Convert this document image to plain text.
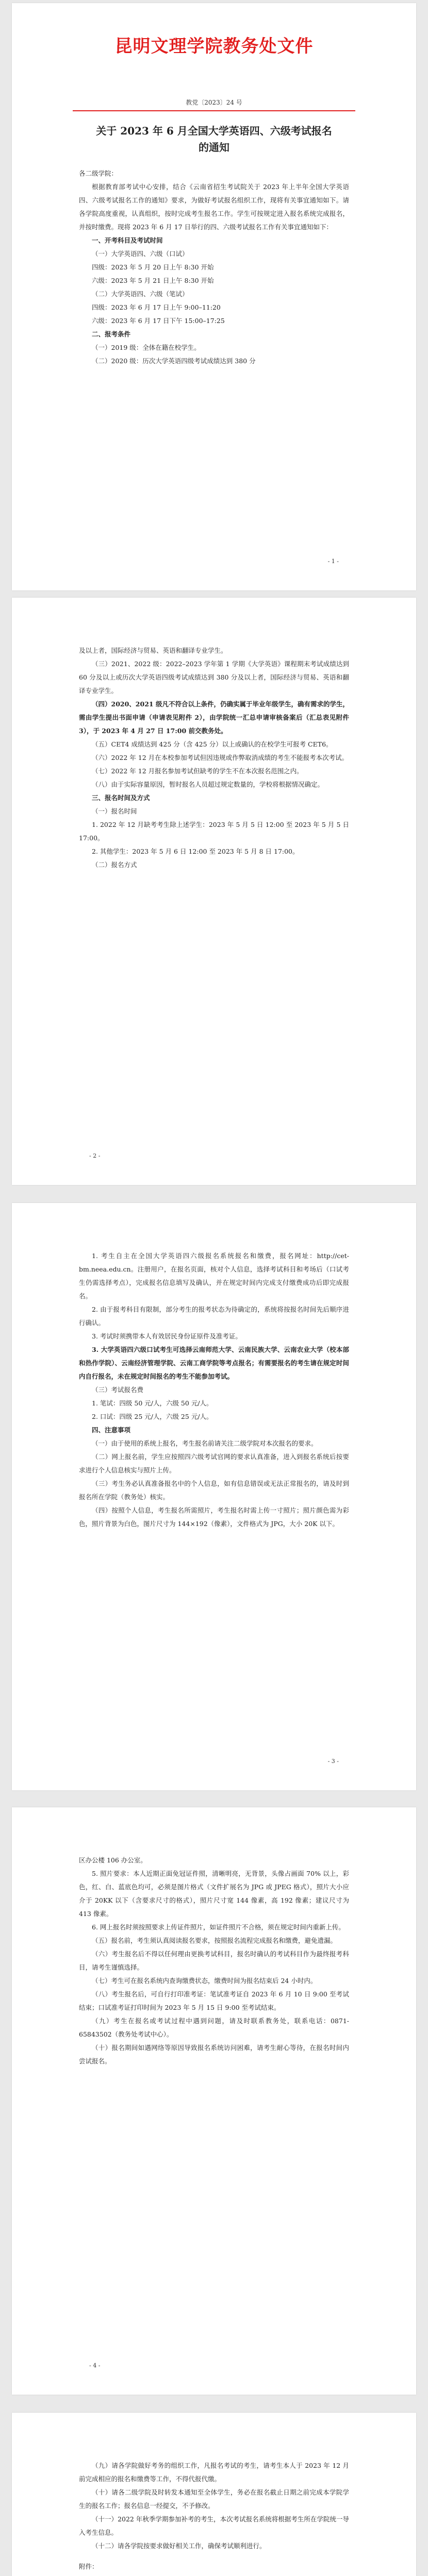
昆明文理学院教务处文件
教党〔2023〕24 号
关于 2023 年 6 月全国大学英语四、六级考试报名的通知

各二级学院：

根据教育部考试中心安排，结合《云南省招生考试院关于 2023 年上半年全国大学英语四、六级考试报名工作的通知》要求，为做好考试报名组织工作，现将有关事宜通知如下。请各学院高度重视，认真组织，按时完成考生报名工作。学生可按规定进入报名系统完成报名，并按时缴费。现将 2023 年 6 月 17 日举行的四、六级考试报名工作有关事宜通知如下：

一、开考科目及考试时间

（一）大学英语四、六级（口试）

四级：2023 年 5 月 20 日上午 8:30 开始

六级：2023 年 5 月 21 日上午 8:30 开始

（二）大学英语四、六级（笔试）

四级：2023 年 6 月 17 日上午 9:00–11:20

六级：2023 年 6 月 17 日下午 15:00–17:25

二、报考条件

（一）2019 级：全体在籍在校学生。

（二）2020 级：历次大学英语四级考试成绩达到 380 分

- 1 -

及以上者，国际经济与贸易、英语和翻译专业学生。

（三）2021、2022 级：2022–2023 学年第 1 学期《大学英语》课程期末考试成绩达到 60 分及以上或历次大学英语四级考试成绩达到 380 分及以上者，国际经济与贸易、英语和翻译专业学生。

（四）2020、2021 级凡不符合以上条件，仍确实属于毕业年级学生，确有需求的学生，需由学生提出书面申请（申请表见附件 2），由学院统一汇总申请审核备案后（汇总表见附件 3），于 2023 年 4 月 27 日 17:00 前交教务处。

（五）CET4 成绩达到 425 分（含 425 分）以上或确认的在校学生可报考 CET6。

（六）2022 年 12 月在本校参加考试但因违规或作弊取消成绩的考生不能报考本次考试。

（七）2022 年 12 月报名参加考试但缺考的学生不在本次报名范围之内。

（八）由于实际容量原因，暂时报名人员超过规定数量的，学校将根据情况确定。

三、报名时间及方式

（一）报名时间

1. 2022 年 12 月缺考考生除上述学生：2023 年 5 月 5 日 12:00 至 2023 年 5 月 5 日 17:00。

2. 其他学生：2023 年 5 月 6 日 12:00 至 2023 年 5 月 8 日 17:00。

（二）报名方式

- 2 -

1. 考生自主在全国大学英语四六级报名系统报名和缴费，报名网址：http://cet-bm.neea.edu.cn。注册用户，在报名页面，核对个人信息，选择考试科目和考场后（口试考生仍需选择考点），完成报名信息填写及确认，并在规定时间内完成支付缴费成功后即完成报名。

2. 由于报考科目有限制，部分考生的报考状态为待确定的，系统将按报名时间先后顺序进行确认。

3. 考试时须携带本人有效居民身份证原件及准考证。

3. 大学英语四六级口试考生可选择云南师范大学、云南民族大学、云南农业大学（校本部和热作学院）、云南经济管理学院、云南工商学院等考点报名；有需要报名的考生请在规定时间内自行报名，未在规定时间报名的考生不能参加考试。

（三）考试报名费

1. 笔试：四级 50 元/人，六级 50 元/人。

2. 口试：四级 25 元/人，六级 25 元/人。

四、注意事项

（一）由于使用的系统上报名，考生报名前请关注二级学院对本次报名的要求。

（二）网上报名前，学生应按照四六级考试官网的要求认真准备，进入到报名系统后按要求进行个人信息核实与照片上传。

（三）考生务必认真准备报名中的个人信息，如有信息错误或无法正常报名的，请及时到报名所在学院（教务处）核实。

（四）按照个人信息，考生报名所需照片，考生报名时需上传一寸照片；照片颜色需为彩色，照片背景为白色，图片尺寸为 144×192（像素），文件格式为 JPG，大小 20K 以下。

- 3 -

区办公楼 106 办公室。

5. 照片要求：本人近期正面免冠证件照，清晰明亮，无背景，头像占画面 70% 以上，彩色，红、白、蓝底色均可，必须是图片格式（文件扩展名为 JPG 或 JPEG 格式），照片大小应介于 20KK 以下（含要求尺寸的格式），照片尺寸宽 144 像素，高 192 像素；建议尺寸为 413 像素。

6. 网上报名时须按照要求上传证件照片，如证件照片不合格，须在规定时间内重新上传。

（五）报名前，考生须认真阅读报名要求，按照报名流程完成报名和缴费，避免遗漏。

（六）考生报名后不得以任何理由更换考试科目，报名时确认的考试科目作为最终报考科目，请考生谨慎选择。

（七）考生可在报名系统内查询缴费状态，缴费时间为报名结束后 24 小时内。

（八）考生报名后，可自行打印准考证：笔试准考证自 2023 年 6 月 10 日 9:00 至考试结束；口试准考证打印时间为 2023 年 5 月 15 日 9:00 至考试结束。

（九）考生在报名或考试过程中遇到问题，请及时联系教务处，联系电话：0871-65843502（教务处考试中心）。

（十）报名期间如遇网络等原因导致报名系统访问困难，请考生耐心等待，在报名时间内尝试报名。

- 4 -

（九）请各学院做好考务的组织工作，凡报名考试的考生，请考生本人于 2023 年 12 月前完成相应的报名和缴费等工作，不得代报代缴。

（十）请各二级学院及时转发本通知至全体学生，务必在报名截止日期之前完成本学院学生的报名工作；报名信息一经提交，不予修改。

（十一）2022 年秋季学期参加补考的考生，本次考试报名系统将根据考生所在学院统一导入考生信息。

（十二）请各学院按要求做好相关工作，确保考试顺利进行。

附件：
